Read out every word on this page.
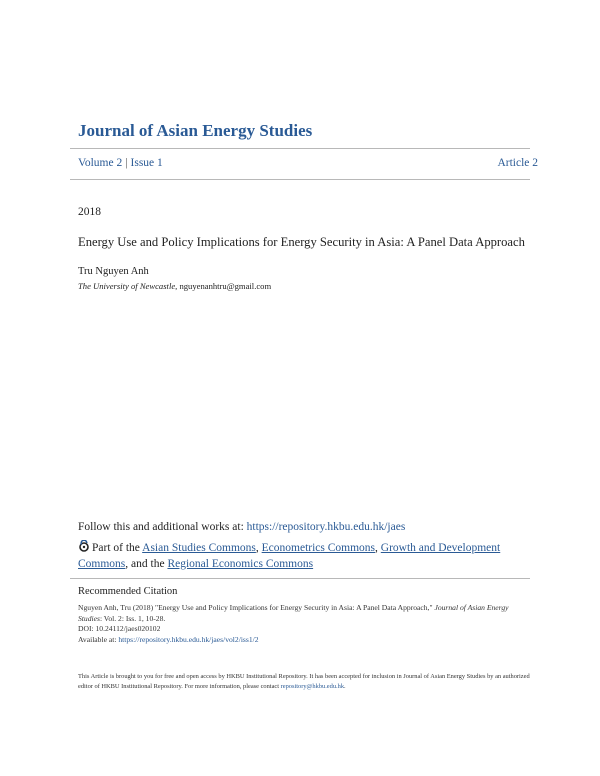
Journal of Asian Energy Studies
Volume 2 | Issue 1	Article 2
2018
Energy Use and Policy Implications for Energy Security in Asia: A Panel Data Approach
Tru Nguyen Anh
The University of Newcastle, nguyenanhtru@gmail.com
Follow this and additional works at: https://repository.hkbu.edu.hk/jaes
Part of the Asian Studies Commons, Econometrics Commons, Growth and Development Commons, and the Regional Economics Commons
Recommended Citation
Nguyen Anh, Tru (2018) "Energy Use and Policy Implications for Energy Security in Asia: A Panel Data Approach," Journal of Asian Energy Studies: Vol. 2: Iss. 1, 10-28.
DOI: 10.24112/jaes020102
Available at: https://repository.hkbu.edu.hk/jaes/vol2/iss1/2
This Article is brought to you for free and open access by HKBU Institutional Repository. It has been accepted for inclusion in Journal of Asian Energy Studies by an authorized editor of HKBU Institutional Repository. For more information, please contact repository@hkbu.edu.hk.
